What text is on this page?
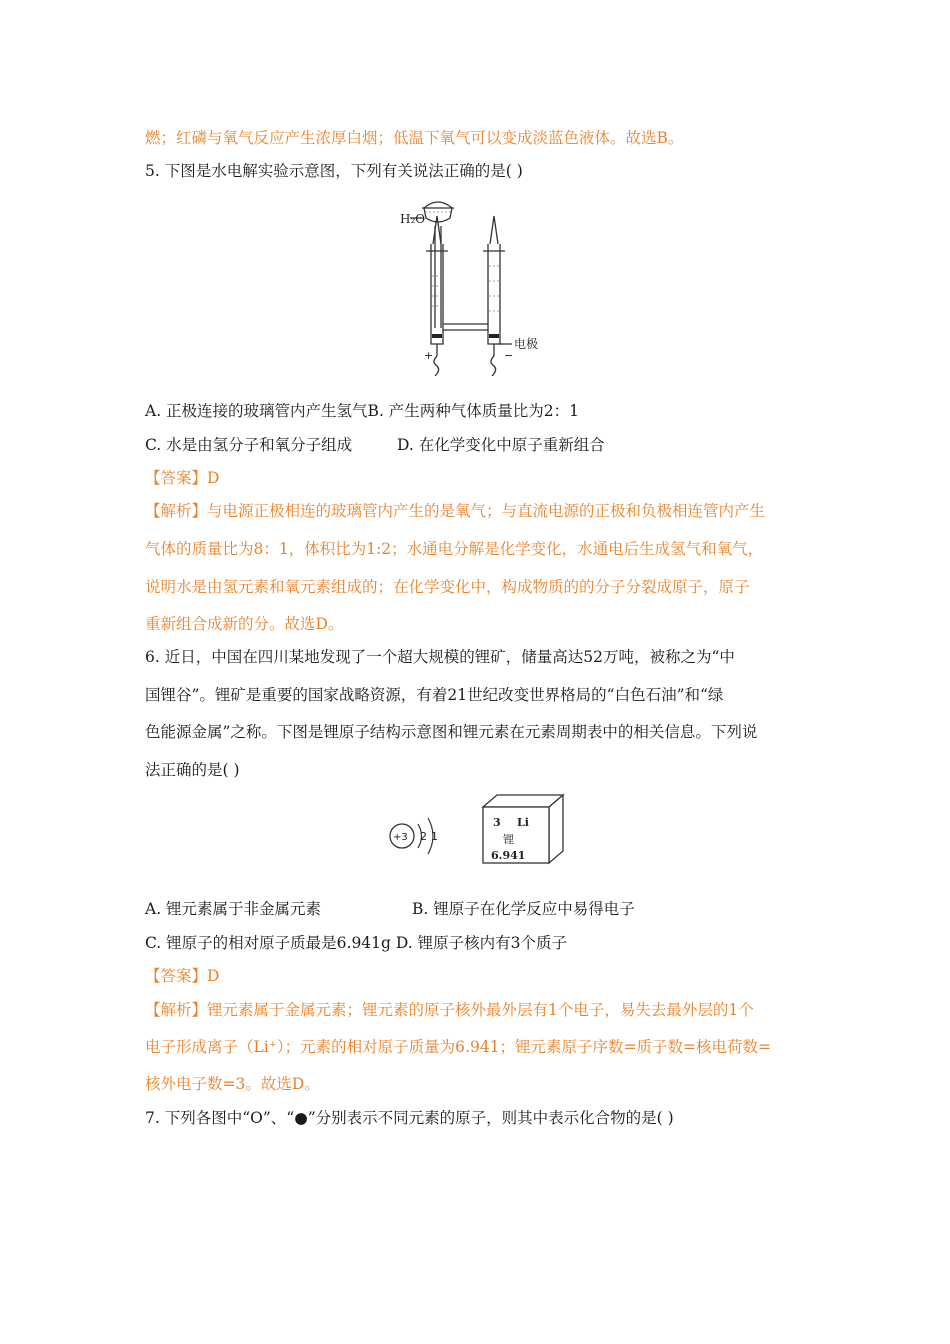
燃；红磷与氧气反应产生浓厚白烟；低温下氧气可以变成淡蓝色液体。故选B。
5. 下图是水电解实验示意图，下列有关说法正确的是( )
H₂O
电极
+	−
A. 正极连接的玻璃管内产生氢气B. 产生两种气体质量比为2：1
C. 水是由氢分子和氧分子组成	D. 在化学变化中原子重新组合
【答案】D
【解析】与电源正极相连的玻璃管内产生的是氧气；与直流电源的正极和负极相连管内产生
气体的质量比为8：1，体积比为1:2；水通电分解是化学变化，水通电后生成氢气和氧气，
说明水是由氢元素和氧元素组成的；在化学变化中，构成物质的的分子分裂成原子，原子
重新组合成新的分。故选D。
6. 近日，中国在四川某地发现了一个超大规模的锂矿，储量高达52万吨，被称之为“中
国锂谷”。锂矿是重要的国家战略资源，有着21世纪改变世界格局的“白色石油”和“绿
色能源金属”之称。下图是锂原子结构示意图和锂元素在元素周期表中的相关信息。下列说
法正确的是( )
+3 2 1
3 Li
锂
6.941
A. 锂元素属于非金属元素	B. 锂原子在化学反应中易得电子
C. 锂原子的相对原子质最是6.941g D. 锂原子核内有3个质子
【答案】D
【解析】锂元素属于金属元素；锂元素的原子核外最外层有1个电子，易失去最外层的1个
电子形成离子（Li⁺）；元素的相对原子质量为6.941；锂元素原子序数=质子数=核电荷数=
核外电子数=3。故选D。
7. 下列各图中“O”、“●”分别表示不同元素的原子，则其中表示化合物的是( )
